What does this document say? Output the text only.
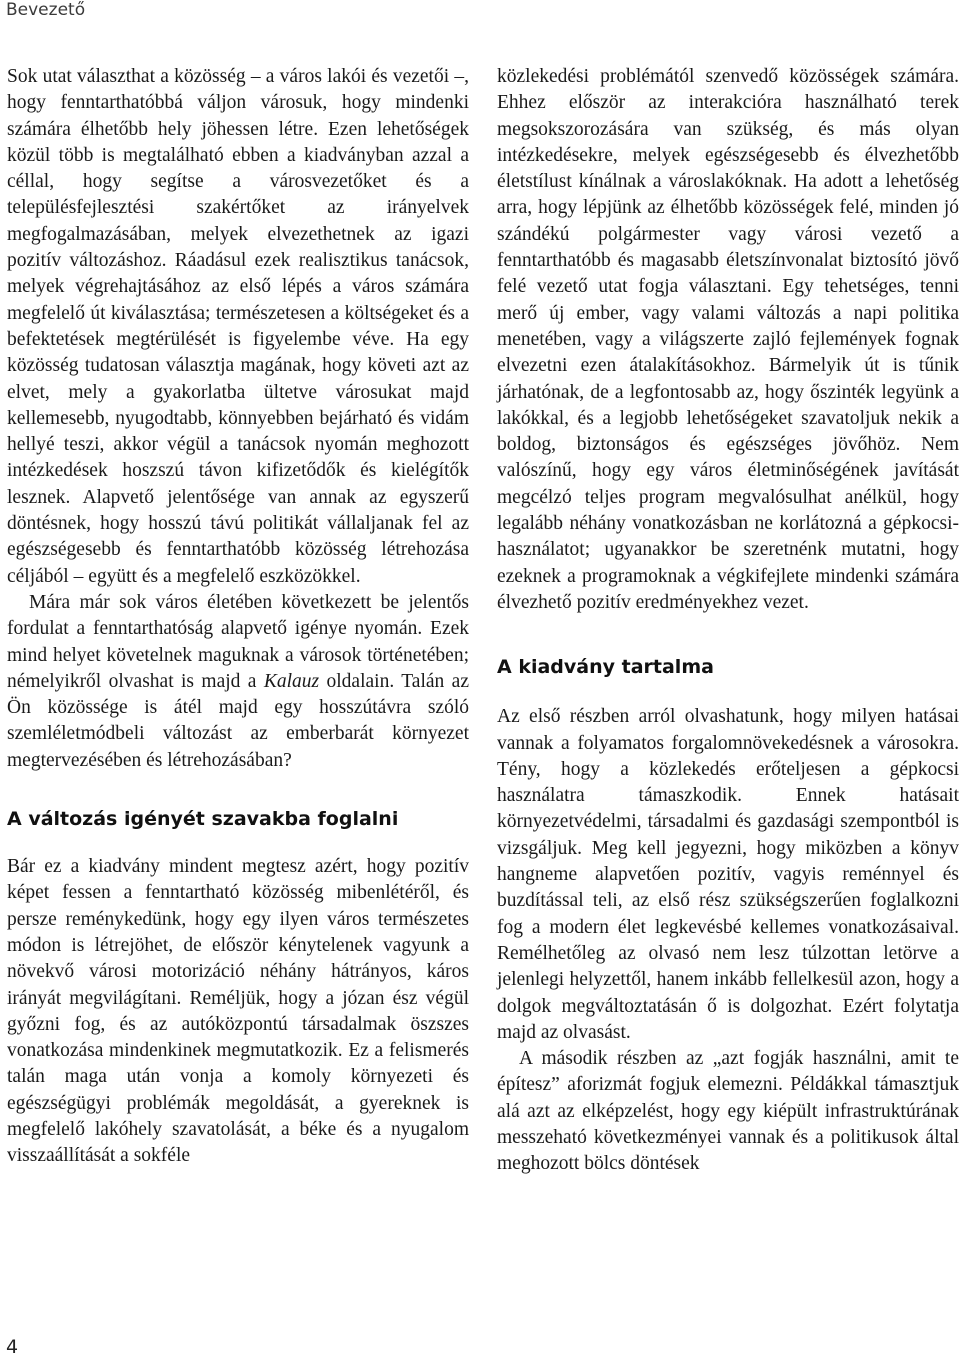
Bevezető

Sok utat választhat a közösség – a város lakói és vezetői –, hogy fenntarthatóbbá váljon városuk, hogy mindenki számára élhetőbb hely jöhessen létre. Ezen lehetőségek közül több is megtalálható ebben a kiadványban azzal a céllal, hogy segítse a városvezetőket és a településfejlesztési szakértőket az irányelvek megfogalmazásában, melyek elvezethetnek az igazi pozitív változáshoz. Ráadásul ezek realisztikus tanácsok, melyek végrehajtásához az első lépés a város számára megfelelő út kiválasztása; természetesen a költségeket és a befektetések megtérülését is figyelembe véve. Ha egy közösség tudatosan választja magának, hogy követi azt az elvet, mely a gyakorlatba ültetve városukat majd kellemesebb, nyugodtabb, könnyebben bejárható és vidám hellyé teszi, akkor végül a tanácsok nyomán meghozott intézkedések hoszszú távon kifizetődők és kielégítők lesznek. Alapvető jelentősége van annak az egyszerű döntésnek, hogy hosszú távú politikát vállaljanak fel az egészségesebb és fenntarthatóbb közösség létrehozása céljából – együtt és a megfelelő eszközökkel.

Mára már sok város életében következett be jelentős fordulat a fenntarthatóság alapvető igénye nyomán. Ezek mind helyet követelnek maguknak a városok történetében; némelyikről olvashat is majd a Kalauz oldalain. Talán az Ön közössége is átél majd egy hosszútávra szóló szemléletmódbeli változást az emberbarát környezet megtervezésében és létrehozásában?

A változás igényét szavakba foglalni

Bár ez a kiadvány mindent megtesz azért, hogy pozitív képet fessen a fenntartható közösség mibenlétéről, és persze reménykedünk, hogy egy ilyen város természetes módon is létrejöhet, de először kénytelenek vagyunk a növekvő városi motorizáció néhány hátrányos, káros irányát megvilágítani. Reméljük, hogy a józan ész végül győzni fog, és az autóközpontú társadalmak öszszes vonatkozása mindenkinek megmutatkozik. Ez a felismerés talán maga után vonja a komoly környezeti és egészségügyi problémák megoldását, a gyereknek is megfelelő lakóhely szavatolását, a béke és a nyugalom visszaállítását a sokféle

közlekedési problémától szenvedő közösségek számára. Ehhez először az interakcióra használható terek megsokszorozására van szükség, és más olyan intézkedésekre, melyek egészségesebb és élvezhetőbb életstílust kínálnak a városlakóknak. Ha adott a lehetőség arra, hogy lépjünk az élhetőbb közösségek felé, minden jó szándékú polgármester vagy városi vezető a fenntarthatóbb és magasabb életszínvonalat biztosító jövő felé vezető utat fogja választani. Egy tehetséges, tenni merő új ember, vagy valami változás a napi politika menetében, vagy a világszerte zajló fejlemények fognak elvezetni ezen átalakításokhoz. Bármelyik út is tűnik járhatónak, de a legfontosabb az, hogy őszinték legyünk a lakókkal, és a legjobb lehetőségeket szavatoljuk nekik a boldog, biztonságos és egészséges jövőhöz. Nem valószínű, hogy egy város életminőségének javítását megcélzó teljes program megvalósulhat anélkül, hogy legalább néhány vonatkozásban ne korlátozná a gépkocsi-használatot; ugyanakkor be szeretnénk mutatni, hogy ezeknek a programoknak a végkifejlete mindenki számára élvezhető pozitív eredményekhez vezet.

A kiadvány tartalma

Az első részben arról olvashatunk, hogy milyen hatásai vannak a folyamatos forgalomnövekedésnek a városokra. Tény, hogy a közlekedés erőteljesen a gépkocsi használatra támaszkodik. Ennek hatásait környezetvédelmi, társadalmi és gazdasági szempontból is vizsgáljuk. Meg kell jegyezni, hogy miközben a könyv hangneme alapvetően pozitív, vagyis reménnyel és buzdítással teli, az első rész szükségszerűen foglalkozni fog a modern élet legkevésbé kellemes vonatkozásaival. Remélhetőleg az olvasó nem lesz túlzottan letörve a jelenlegi helyzettől, hanem inkább fellelkesül azon, hogy a dolgok megváltoztatásán ő is dolgozhat. Ezért folytatja majd az olvasást.

A második részben az „azt fogják használni, amit te építesz” aforizmát fogjuk elemezni. Példákkal támasztjuk alá azt az elképzelést, hogy egy kiépült infrastruktúrának messzeható következményei vannak és a politikusok által meghozott bölcs döntések

4
